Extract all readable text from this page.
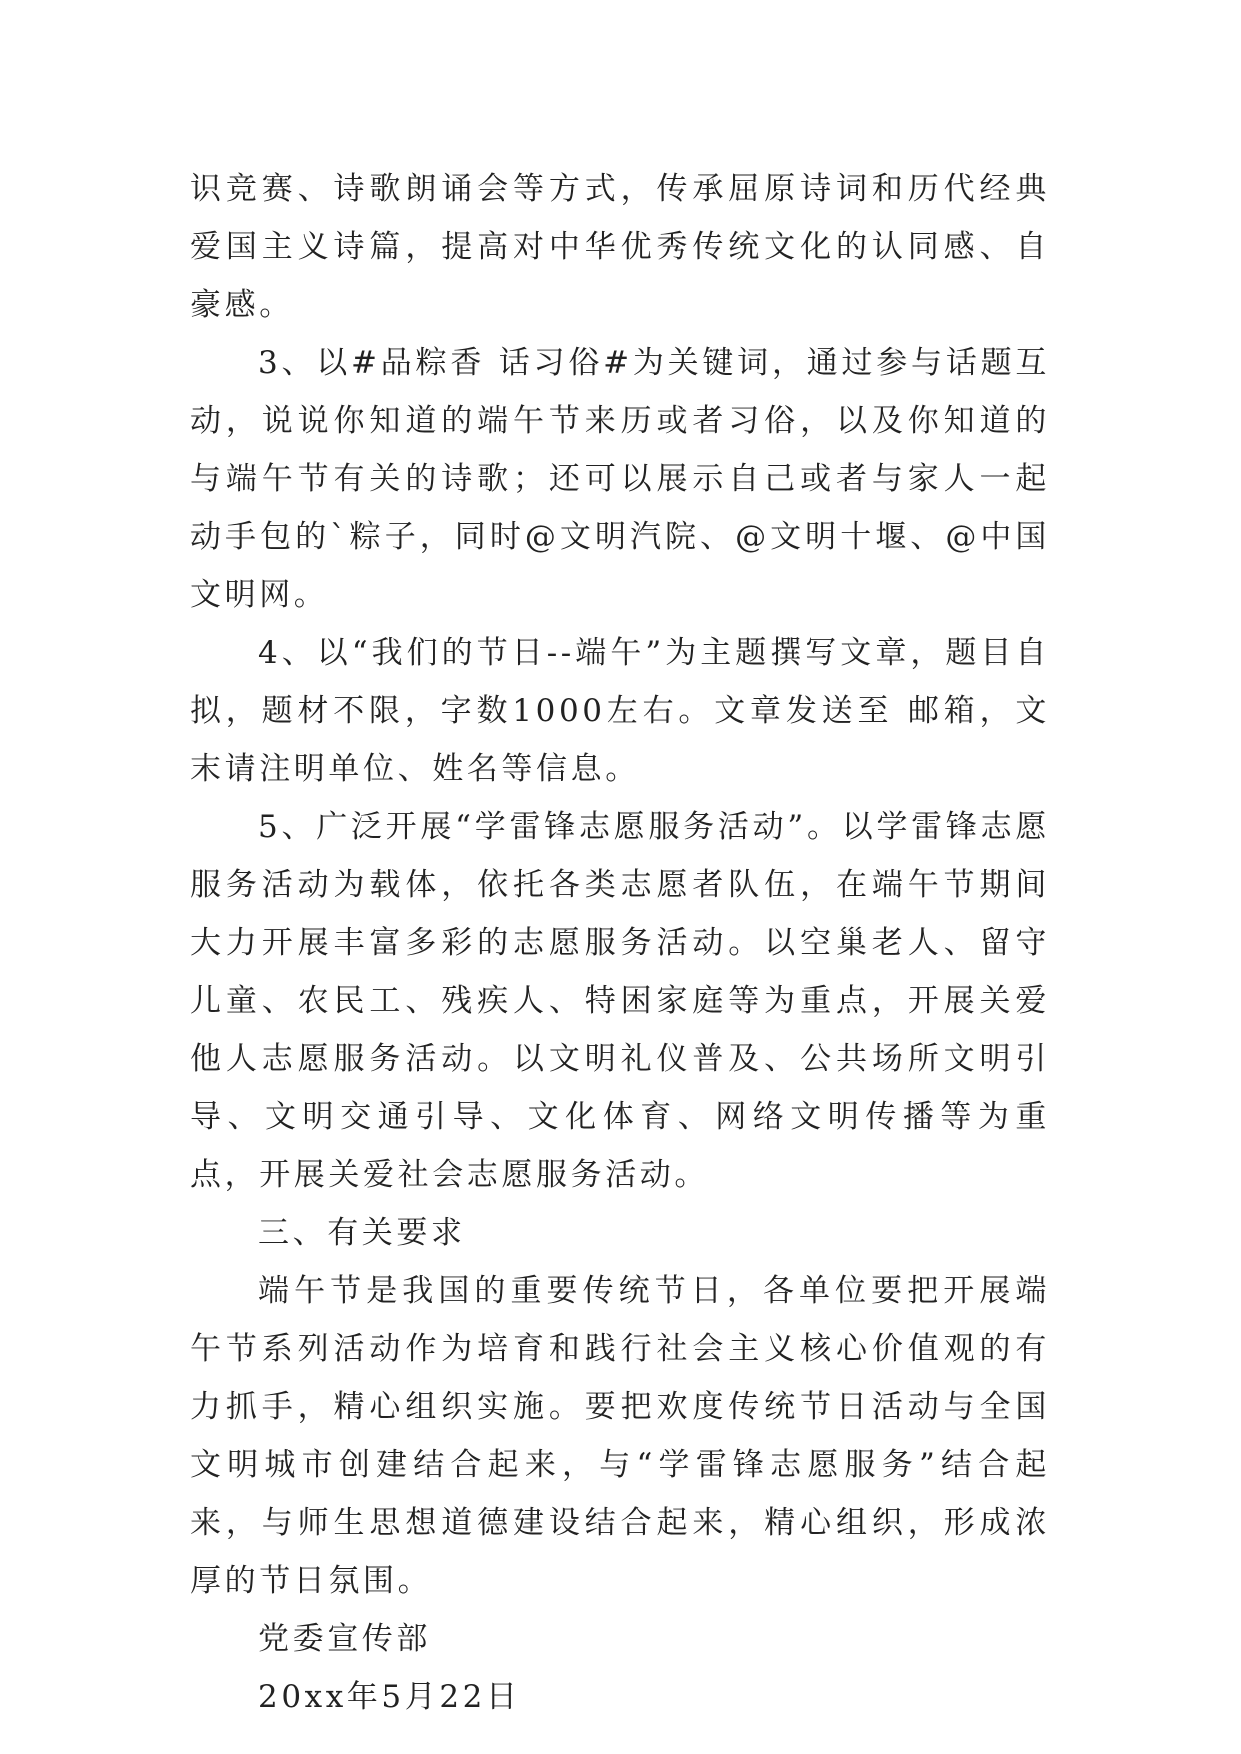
识竞赛、诗歌朗诵会等方式，传承屈原诗词和历代经典爱国主义诗篇，提高对中华优秀传统文化的认同感、自豪感。

3、以#品粽香 话习俗#为关键词，通过参与话题互动，说说你知道的端午节来历或者习俗，以及你知道的与端午节有关的诗歌；还可以展示自己或者与家人一起动手包的`粽子，同时@文明汽院、@文明十堰、@中国文明网。

4、以“我们的节日--端午”为主题撰写文章，题目自拟，题材不限，字数1000左右。文章发送至 邮箱，文末请注明单位、姓名等信息。

5、广泛开展“学雷锋志愿服务活动”。以学雷锋志愿服务活动为载体，依托各类志愿者队伍，在端午节期间大力开展丰富多彩的志愿服务活动。以空巢老人、留守儿童、农民工、残疾人、特困家庭等为重点，开展关爱他人志愿服务活动。以文明礼仪普及、公共场所文明引导、文明交通引导、文化体育、网络文明传播等为重点，开展关爱社会志愿服务活动。

三、有关要求

端午节是我国的重要传统节日，各单位要把开展端午节系列活动作为培育和践行社会主义核心价值观的有力抓手，精心组织实施。要把欢度传统节日活动与全国文明城市创建结合起来，与“学雷锋志愿服务”结合起来，与师生思想道德建设结合起来，精心组织，形成浓厚的节日氛围。

党委宣传部

20xx年5月22日
